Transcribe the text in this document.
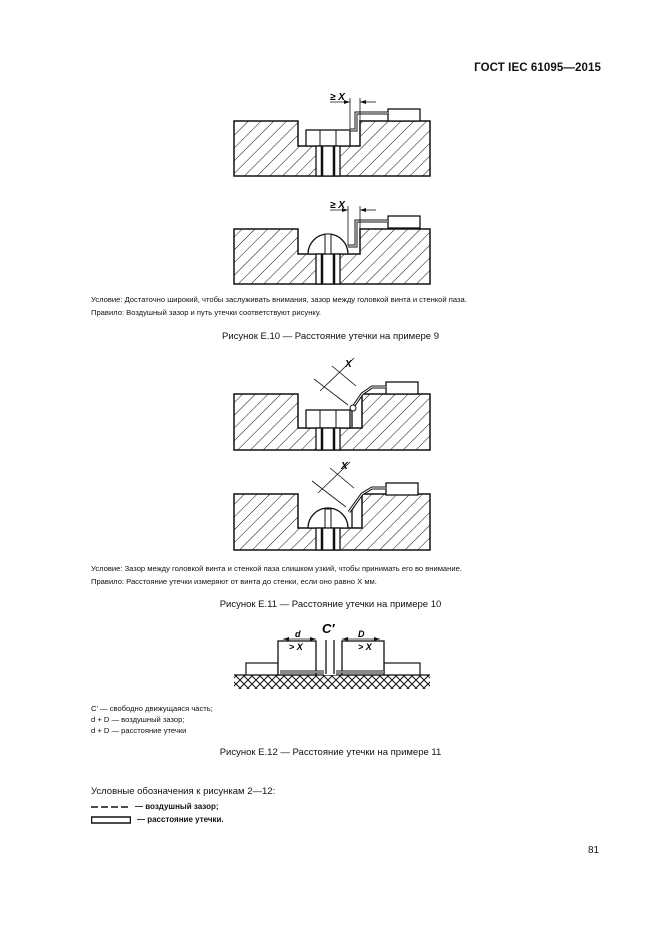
ГОСТ IEC 61095—2015
≥ X
≥ X
Условие: Достаточно широкий, чтобы заслуживать внимания, зазор между головкой винта и стенкой паза.
Правило: Воздушный зазор и путь утечки соответствуют рисунку.
Рисунок Е.10 — Расстояние утечки на примере 9
X
X
Условие: Зазор между головкой винта и стенкой паза слишком узкий, чтобы принимать его во внимание.
Правило: Расстояние утечки измеряют от винта до стенки, если оно равно X мм.
Рисунок Е.11 — Расстояние утечки на примере 10
C′
d
> X
D
> X
С′ — свободно движущаяся часть;
d + D — воздушный зазор;
d + D — расстояние утечки
Рисунок Е.12 — Расстояние утечки на примере 11
Условные обозначения к рисункам 2—12:
— воздушный зазор;
— расстояние утечки.
81
